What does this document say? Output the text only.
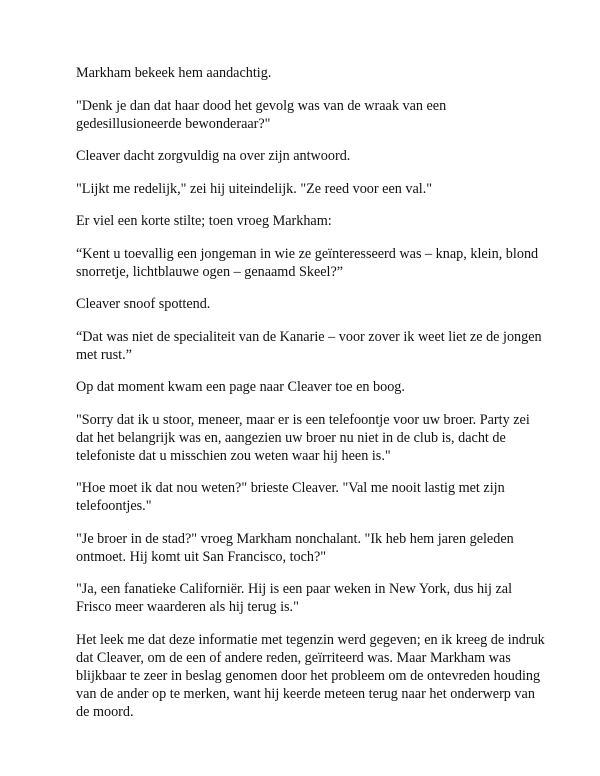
Markham bekeek hem aandachtig.

"Denk je dan dat haar dood het gevolg was van de wraak van een gedesillusioneerde bewonderaar?"

Cleaver dacht zorgvuldig na over zijn antwoord.

"Lijkt me redelijk," zei hij uiteindelijk. "Ze reed voor een val."

Er viel een korte stilte; toen vroeg Markham:

“Kent u toevallig een jongeman in wie ze geïnteresseerd was – knap, klein, blond snorretje, lichtblauwe ogen – genaamd Skeel?”

Cleaver snoof spottend.

“Dat was niet de specialiteit van de Kanarie – voor zover ik weet liet ze de jongen met rust.”

Op dat moment kwam een page naar Cleaver toe en boog.

"Sorry dat ik u stoor, meneer, maar er is een telefoontje voor uw broer. Party zei dat het belangrijk was en, aangezien uw broer nu niet in de club is, dacht de telefoniste dat u misschien zou weten waar hij heen is."

"Hoe moet ik dat nou weten?" brieste Cleaver. "Val me nooit lastig met zijn telefoontjes."

"Je broer in de stad?" vroeg Markham nonchalant. "Ik heb hem jaren geleden ontmoet. Hij komt uit San Francisco, toch?"

"Ja, een fanatieke Californiër. Hij is een paar weken in New York, dus hij zal Frisco meer waarderen als hij terug is."

Het leek me dat deze informatie met tegenzin werd gegeven; en ik kreeg de indruk dat Cleaver, om de een of andere reden, geïrriteerd was. Maar Markham was blijkbaar te zeer in beslag genomen door het probleem om de ontevreden houding van de ander op te merken, want hij keerde meteen terug naar het onderwerp van de moord.
